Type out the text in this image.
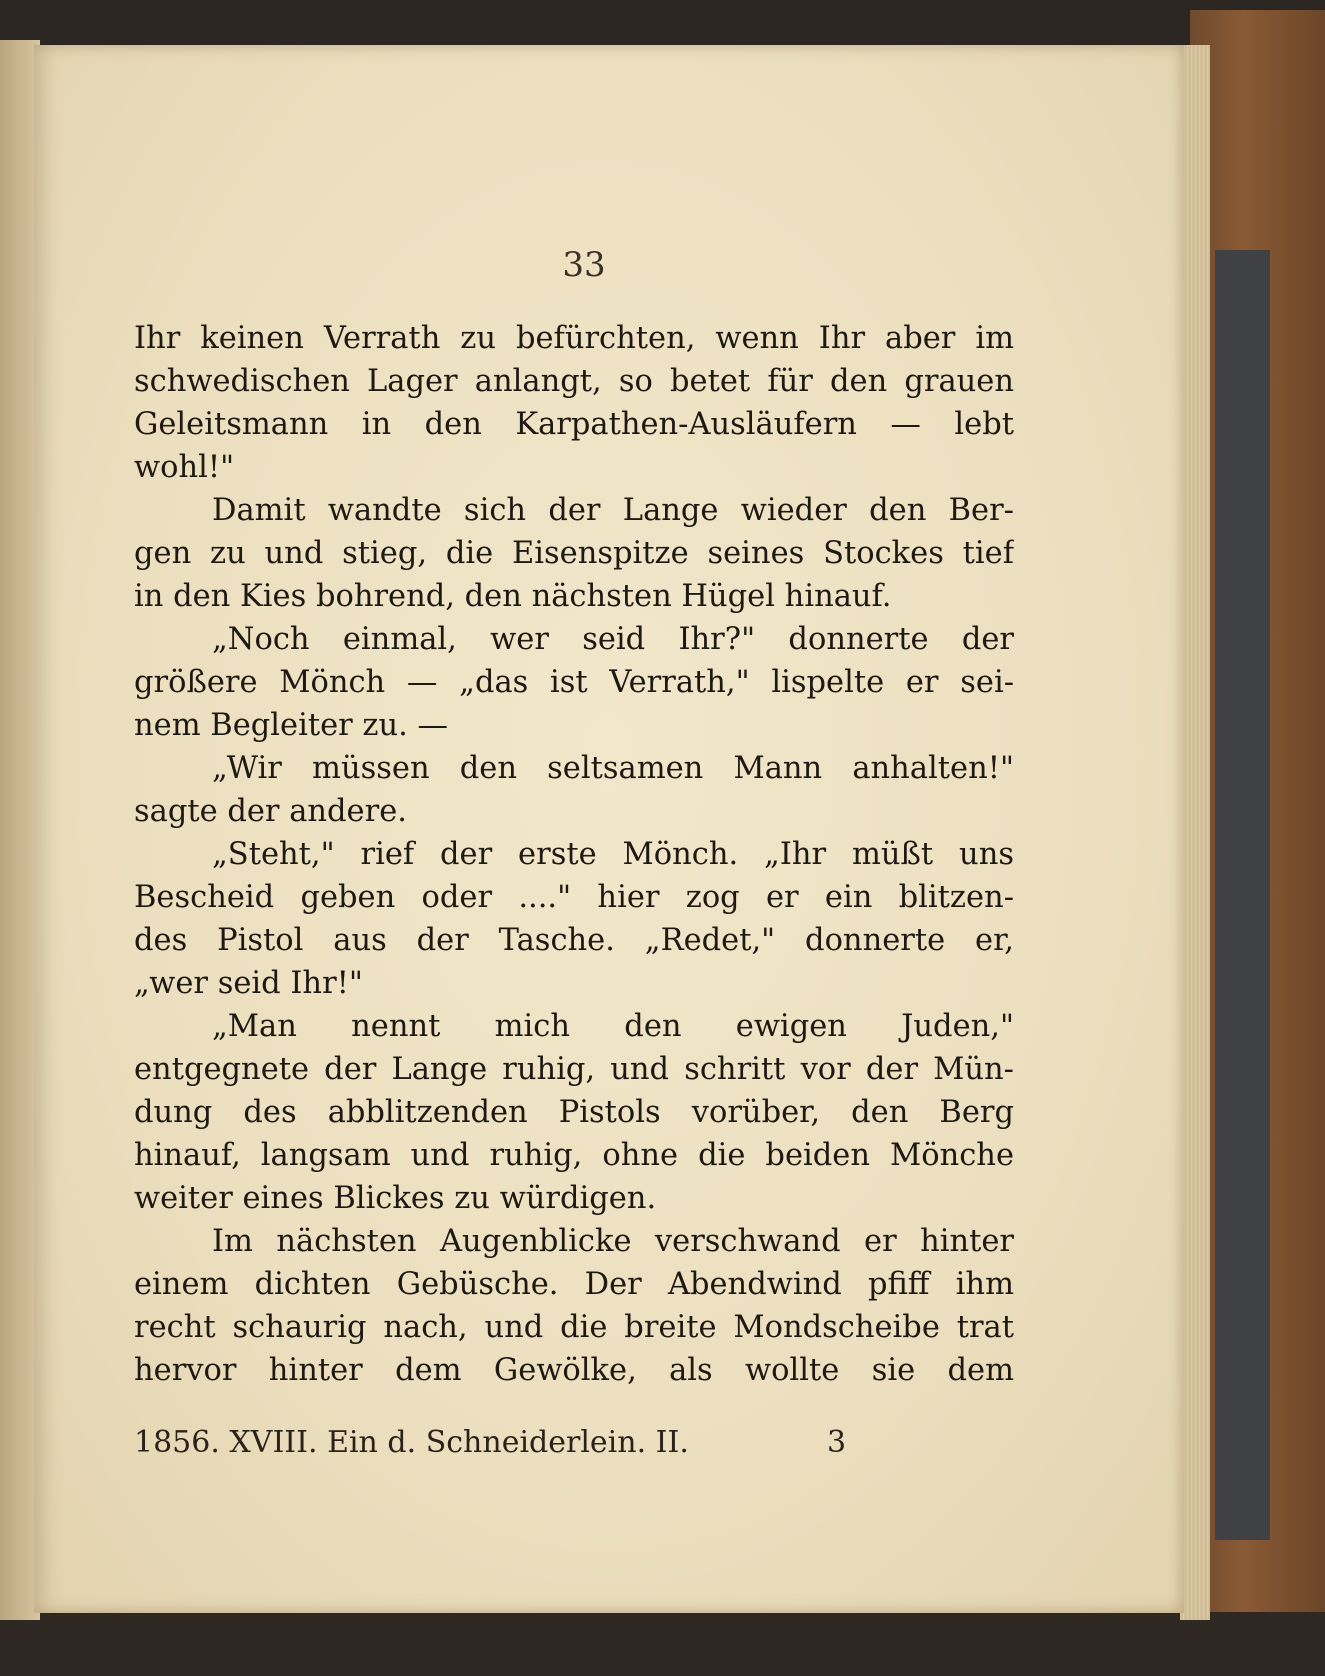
33
Ihr keinen Verrath zu befürchten, wenn Ihr aber im
schwedischen Lager anlangt, so betet für den grauen
Geleitsmann in den Karpathen-Ausläufern — lebt
wohl!"
Damit wandte sich der Lange wieder den Ber-
gen zu und stieg, die Eisenspitze seines Stockes tief
in den Kies bohrend, den nächsten Hügel hinauf.
„Noch einmal, wer seid Ihr?" donnerte der
größere Mönch — „das ist Verrath," lispelte er sei-
nem Begleiter zu. —
„Wir müssen den seltsamen Mann anhalten!"
sagte der andere.
„Steht," rief der erste Mönch. „Ihr müßt uns
Bescheid geben oder ...." hier zog er ein blitzen-
des Pistol aus der Tasche. „Redet," donnerte er,
„wer seid Ihr!"
„Man nennt mich den ewigen Juden,"
entgegnete der Lange ruhig, und schritt vor der Mün-
dung des abblitzenden Pistols vorüber, den Berg
hinauf, langsam und ruhig, ohne die beiden Mönche
weiter eines Blickes zu würdigen.
Im nächsten Augenblicke verschwand er hinter
einem dichten Gebüsche. Der Abendwind pfiff ihm
recht schaurig nach, und die breite Mondscheibe trat
hervor hinter dem Gewölke, als wollte sie dem
1856. XVIII. Ein d. Schneiderlein. II.	3
